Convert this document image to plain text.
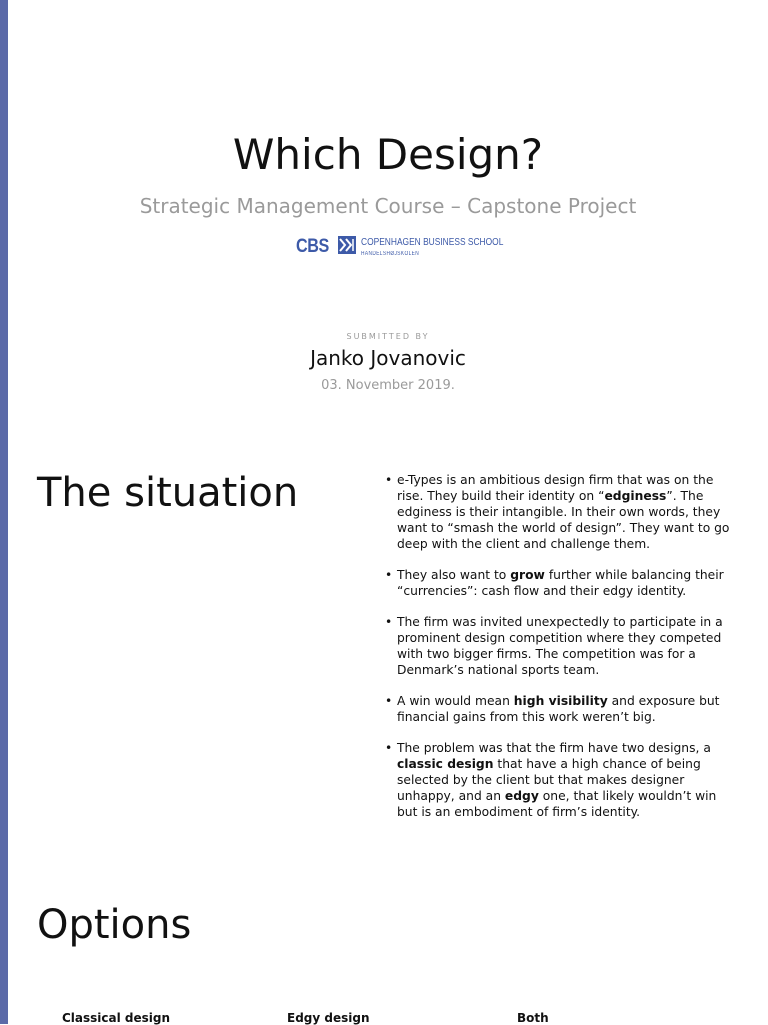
Which Design?
Strategic Management Course – Capstone Project
CBS	COPENHAGEN BUSINESS SCHOOL
HANDELSHØJSKOLEN
SUBMITTED BY
Janko Jovanovic
03. November 2019.
The situation
•	e-Types is an ambitious design firm that was on the rise. They build their identity on “edginess”. The edginess is their intangible. In their own words, they want to “smash the world of design”. They want to go deep with the client and challenge them.
• They also want to grow further while balancing their “currencies”: cash flow and their edgy identity.
• The firm was invited unexpectedly to participate in a prominent design competition where they competed with two bigger firms. The competition was for a Denmark’s national sports team.
• A win would mean high visibility and exposure but financial gains from this work weren’t big.
• The problem was that the firm have two designs, a classic design that have a high chance of being selected by the client but that makes designer unhappy, and an edgy one, that likely wouldn’t win but is an embodiment of firm’s identity.
Options
Classical design	Edgy design	Both
